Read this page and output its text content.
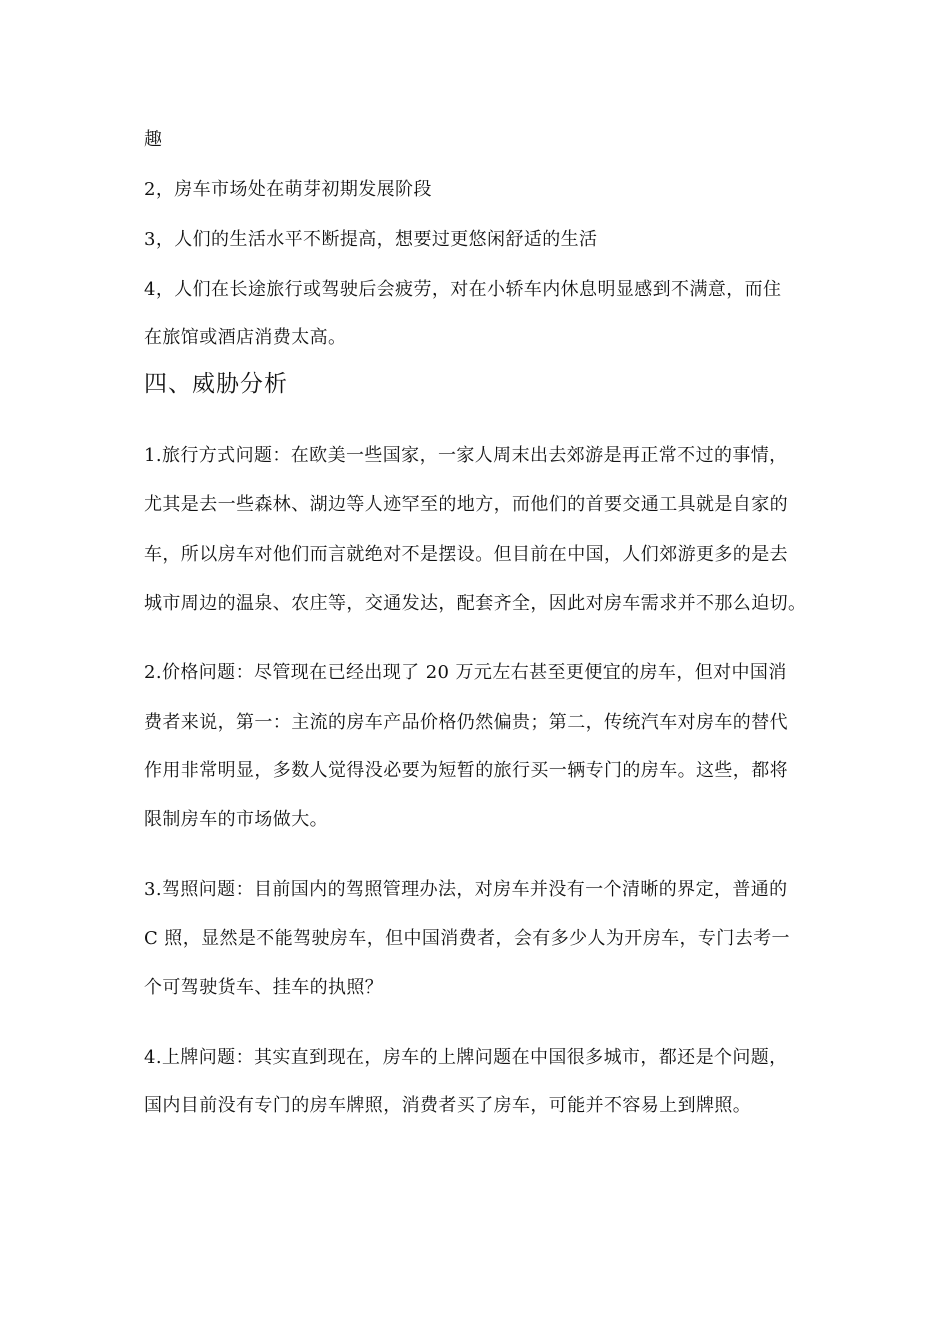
趣
2，房车市场处在萌芽初期发展阶段
3，人们的生活水平不断提高，想要过更悠闲舒适的生活
4，人们在长途旅行或驾驶后会疲劳，对在小轿车内休息明显感到不满意，而住
在旅馆或酒店消费太高。
四、威胁分析
1.旅行方式问题：在欧美一些国家，一家人周末出去郊游是再正常不过的事情，
尤其是去一些森林、湖边等人迹罕至的地方，而他们的首要交通工具就是自家的
车，所以房车对他们而言就绝对不是摆设。但目前在中国，人们郊游更多的是去
城市周边的温泉、农庄等，交通发达，配套齐全，因此对房车需求并不那么迫切。
2.价格问题：尽管现在已经出现了 20 万元左右甚至更便宜的房车，但对中国消
费者来说，第一：主流的房车产品价格仍然偏贵；第二，传统汽车对房车的替代
作用非常明显，多数人觉得没必要为短暂的旅行买一辆专门的房车。这些，都将
限制房车的市场做大。
3.驾照问题：目前国内的驾照管理办法，对房车并没有一个清晰的界定，普通的
C 照，显然是不能驾驶房车，但中国消费者，会有多少人为开房车，专门去考一
个可驾驶货车、挂车的执照？
4.上牌问题：其实直到现在，房车的上牌问题在中国很多城市，都还是个问题，
国内目前没有专门的房车牌照，消费者买了房车，可能并不容易上到牌照。
